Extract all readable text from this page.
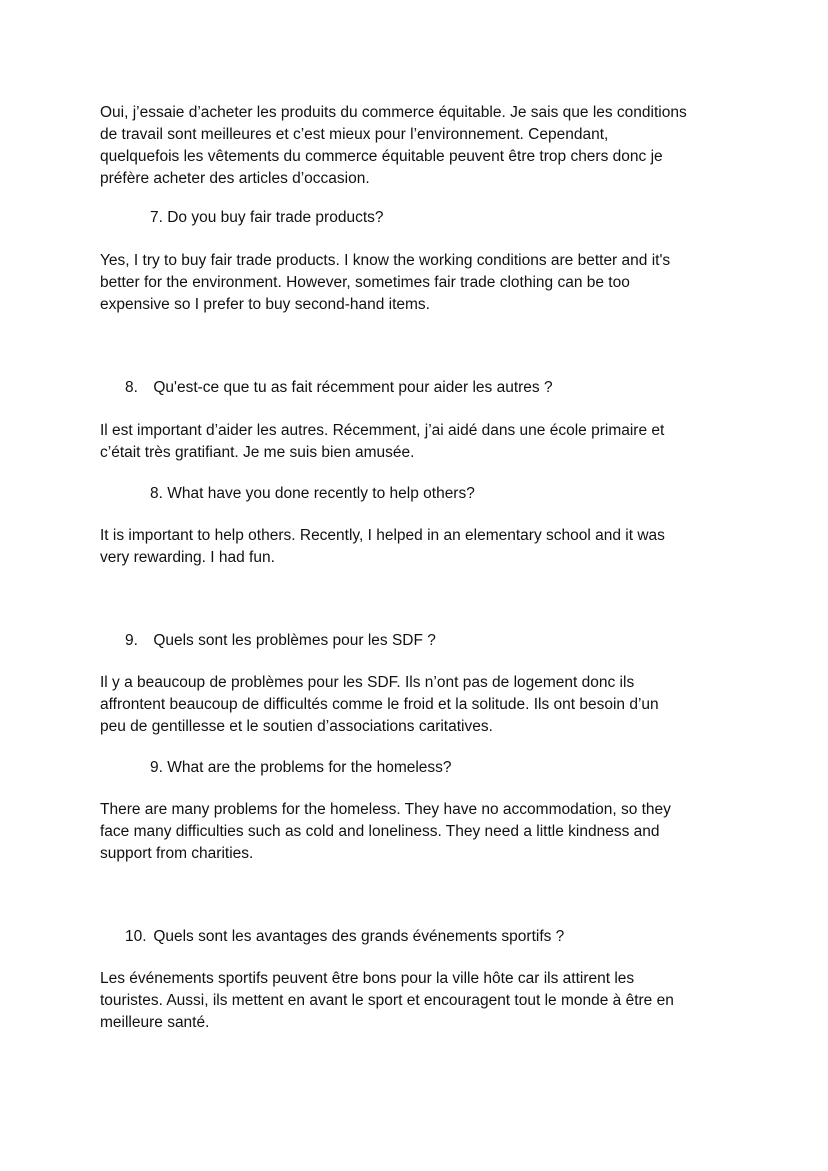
Oui, j’essaie d’acheter les produits du commerce équitable. Je sais que les conditions

de travail sont meilleures et c’est mieux pour l’environnement. Cependant,

quelquefois les vêtements du commerce équitable peuvent être trop chers donc je

préfère acheter des articles d’occasion.

7. Do you buy fair trade products?

Yes, I try to buy fair trade products. I know the working conditions are better and it's

better for the environment. However, sometimes fair trade clothing can be too

expensive so I prefer to buy second-hand items.

8. Qu'est-ce que tu as fait récemment pour aider les autres ?

Il est important d’aider les autres. Récemment, j’ai aidé dans une école primaire et

c’était très gratifiant. Je me suis bien amusée.

8. What have you done recently to help others?

It is important to help others. Recently, I helped in an elementary school and it was

very rewarding. I had fun.

9. Quels sont les problèmes pour les SDF ?

Il y a beaucoup de problèmes pour les SDF. Ils n’ont pas de logement donc ils

affrontent beaucoup de difficultés comme le froid et la solitude. Ils ont besoin d’un

peu de gentillesse et le soutien d’associations caritatives.

9. What are the problems for the homeless?

There are many problems for the homeless. They have no accommodation, so they

face many difficulties such as cold and loneliness. They need a little kindness and

support from charities.

10. Quels sont les avantages des grands événements sportifs ?

Les événements sportifs peuvent être bons pour la ville hôte car ils attirent les

touristes. Aussi, ils mettent en avant le sport et encouragent tout le monde à être en

meilleure santé.
